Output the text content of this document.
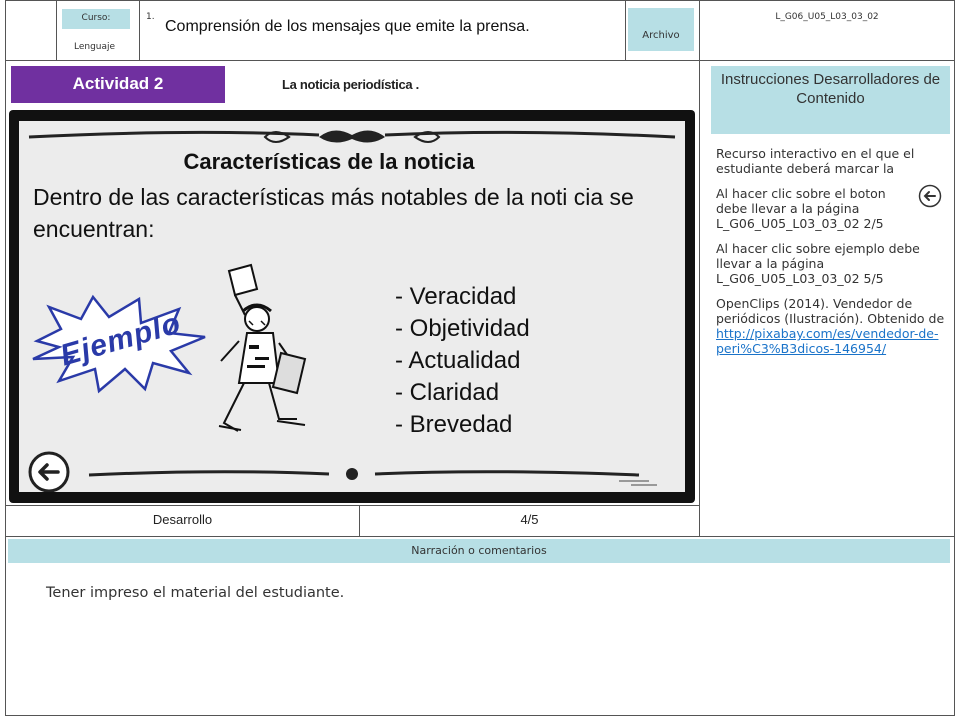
Curso:
Lenguaje
1.
Comprensión de los mensajes que emite la prensa.
Archivo
L_G06_U05_L03_03_02
Actividad 2	La noticia periodística .
Características de la noticia
Dentro de las características más notables de la noti cia se encuentran:
Ejemplo
- Veracidad
- Objetividad
- Actualidad
- Claridad
- Brevedad
Instrucciones Desarrolladores de Contenido

Recurso interactivo en el que el estudiante deberá marcar la

Al hacer clic sobre el boton debe llevar a la página L_G06_U05_L03_03_02 2/5

Al hacer clic sobre ejemplo debe llevar a la página L_G06_U05_L03_03_02 5/5

OpenClips (2014). Vendedor de periódicos (Ilustración). Obtenido de

http://pixabay.com/es/vendedor-de-peri%C3%B3dicos-146954/

Desarrollo	4/5
Narración o comentarios
Tener impreso el material del estudiante.
